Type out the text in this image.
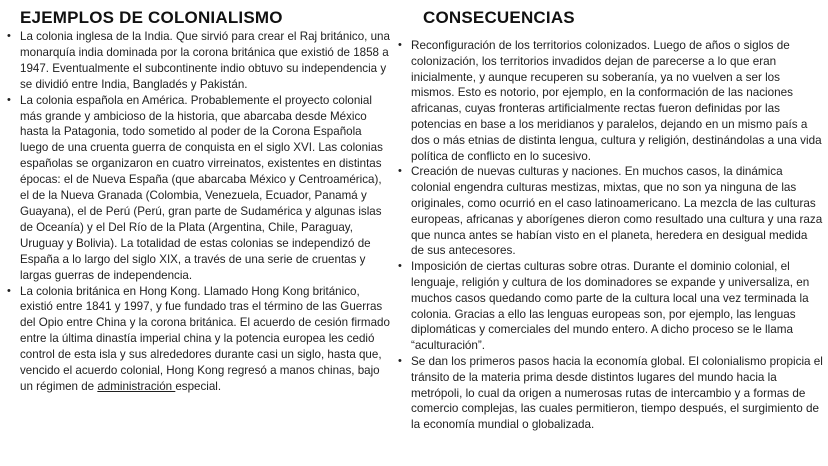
EJEMPLOS DE COLONIALISMO
• La colonia inglesa de la India. Que sirvió para crear el Raj británico, una monarquía india dominada por la corona británica que existió de 1858 a 1947. Eventualmente el subcontinente indio obtuvo su independencia y se dividió entre India, Bangladés y Pakistán.
• La colonia española en América. Probablemente el proyecto colonial más grande y ambicioso de la historia, que abarcaba desde México hasta la Patagonia, todo sometido al poder de la Corona Española luego de una cruenta guerra de conquista en el siglo XVI. Las colonias españolas se organizaron en cuatro virreinatos, existentes en distintas épocas: el de Nueva España (que abarcaba México y Centroamérica), el de la Nueva Granada (Colombia, Venezuela, Ecuador, Panamá y Guayana), el de Perú (Perú, gran parte de Sudamérica y algunas islas de Oceanía) y el Del Río de la Plata (Argentina, Chile, Paraguay, Uruguay y Bolivia). La totalidad de estas colonias se independizó de España a lo largo del siglo XIX, a través de una serie de cruentas y largas guerras de independencia.
• La colonia británica en Hong Kong. Llamado Hong Kong británico, existió entre 1841 y 1997, y fue fundado tras el término de las Guerras del Opio entre China y la corona británica. El acuerdo de cesión firmado entre la última dinastía imperial china y la potencia europea les cedió control de esta isla y sus alrededores durante casi un siglo, hasta que, vencido el acuerdo colonial, Hong Kong regresó a manos chinas, bajo un régimen de administración especial.
CONSECUENCIAS
• Reconfiguración de los territorios colonizados. Luego de años o siglos de colonización, los territorios invadidos dejan de parecerse a lo que eran inicialmente, y aunque recuperen su soberanía, ya no vuelven a ser los mismos. Esto es notorio, por ejemplo, en la conformación de las naciones africanas, cuyas fronteras artificialmente rectas fueron definidas por las potencias en base a los meridianos y paralelos, dejando en un mismo país a dos o más etnias de distinta lengua, cultura y religión, destinándolas a una vida política de conflicto en lo sucesivo.
• Creación de nuevas culturas y naciones. En muchos casos, la dinámica colonial engendra culturas mestizas, mixtas, que no son ya ninguna de las originales, como ocurrió en el caso latinoamericano. La mezcla de las culturas europeas, africanas y aborígenes dieron como resultado una cultura y una raza que nunca antes se habían visto en el planeta, heredera en desigual medida de sus antecesores.
• Imposición de ciertas culturas sobre otras. Durante el dominio colonial, el lenguaje, religión y cultura de los dominadores se expande y universaliza, en muchos casos quedando como parte de la cultura local una vez terminada la colonia. Gracias a ello las lenguas europeas son, por ejemplo, las lenguas diplomáticas y comerciales del mundo entero. A dicho proceso se le llama “aculturación”.
• Se dan los primeros pasos hacia la economía global. El colonialismo propicia el tránsito de la materia prima desde distintos lugares del mundo hacia la metrópoli, lo cual da origen a numerosas rutas de intercambio y a formas de comercio complejas, las cuales permitieron, tiempo después, el surgimiento de la economía mundial o globalizada.
